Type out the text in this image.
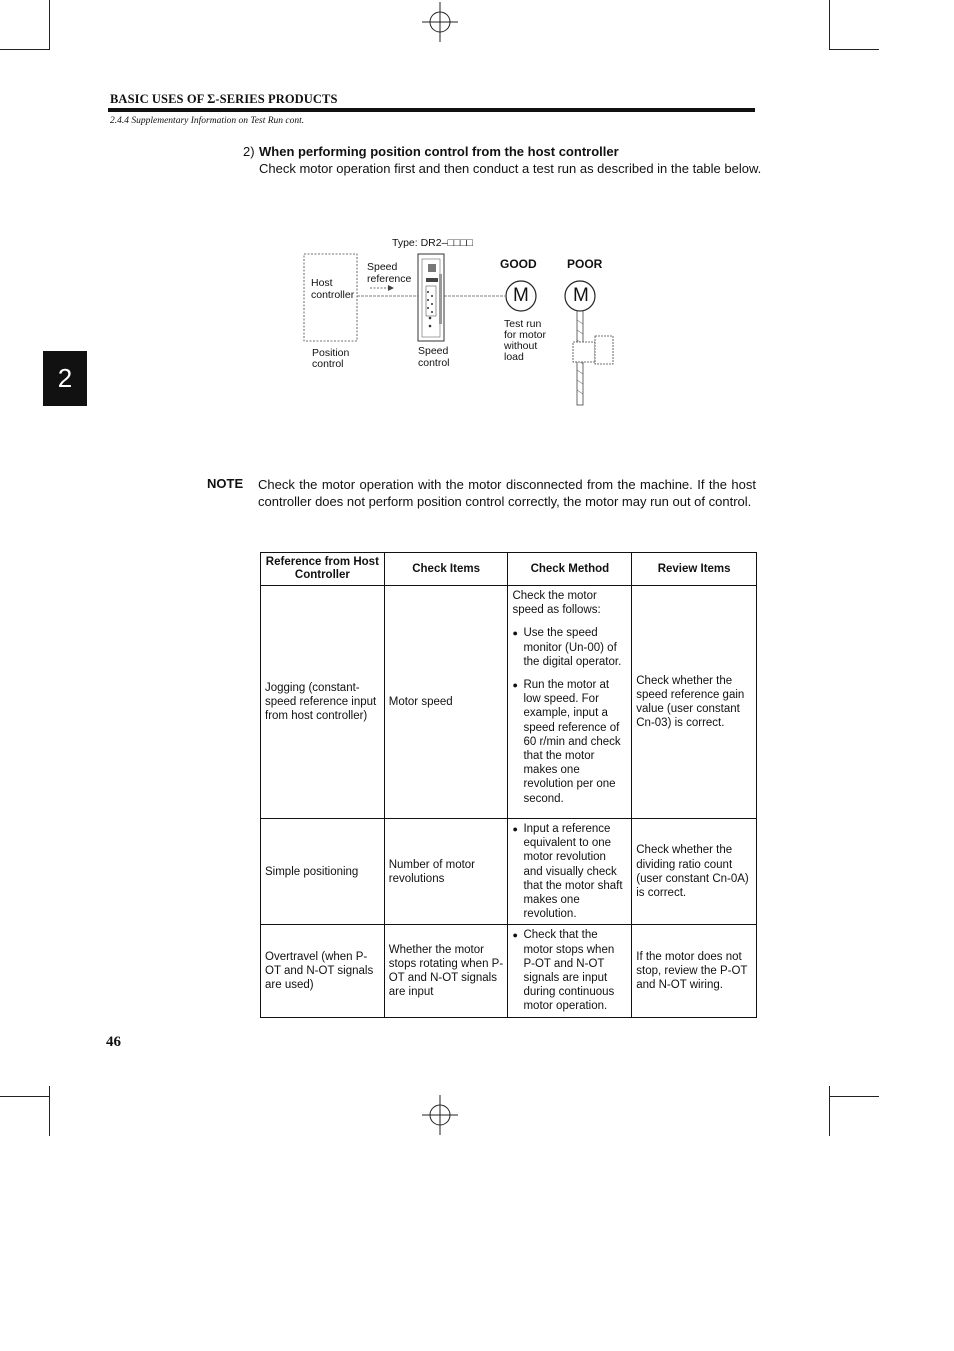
BASIC USES OF Σ-SERIES PRODUCTS
2.4.4 Supplementary Information on Test Run cont.
2
2) When performing position control from the host controller
Check motor operation first and then conduct a test run as described in the table below.
Type: DR2–□□□□
Host
controller
Speed
reference
Position
control
Speed
control
GOOD	POOR
M M
Test run
for motor
without
load
NOTE Check the motor operation with the motor disconnected from the machine. If the host controller does not perform position control correctly, the motor may run out of control.
Reference from Host Controller	Check Items	Check Method	Review Items
Jogging (constant-speed reference input from host controller)	Motor speed	Check the motor speed as follows:

● Use the speed monitor (Un-00) of the digital operator.

● Run the motor at low speed. For example, input a speed reference of 60 r/min and check that the motor makes one revolution per one second.	Check whether the speed reference gain value (user constant Cn-03) is correct.
Simple positioning	Number of motor revolutions	● Input a reference equivalent to one motor revolution and visually check that the motor shaft makes one revolution.	Check whether the dividing ratio count (user constant Cn-0A) is correct.
Overtravel (when P-OT and N-OT signals are used)	Whether the motor stops rotating when P-OT and N-OT signals are input	● Check that the motor stops when P-OT and N-OT signals are input during continuous motor operation.	If the motor does not stop, review the P-OT and N-OT wiring.
46
